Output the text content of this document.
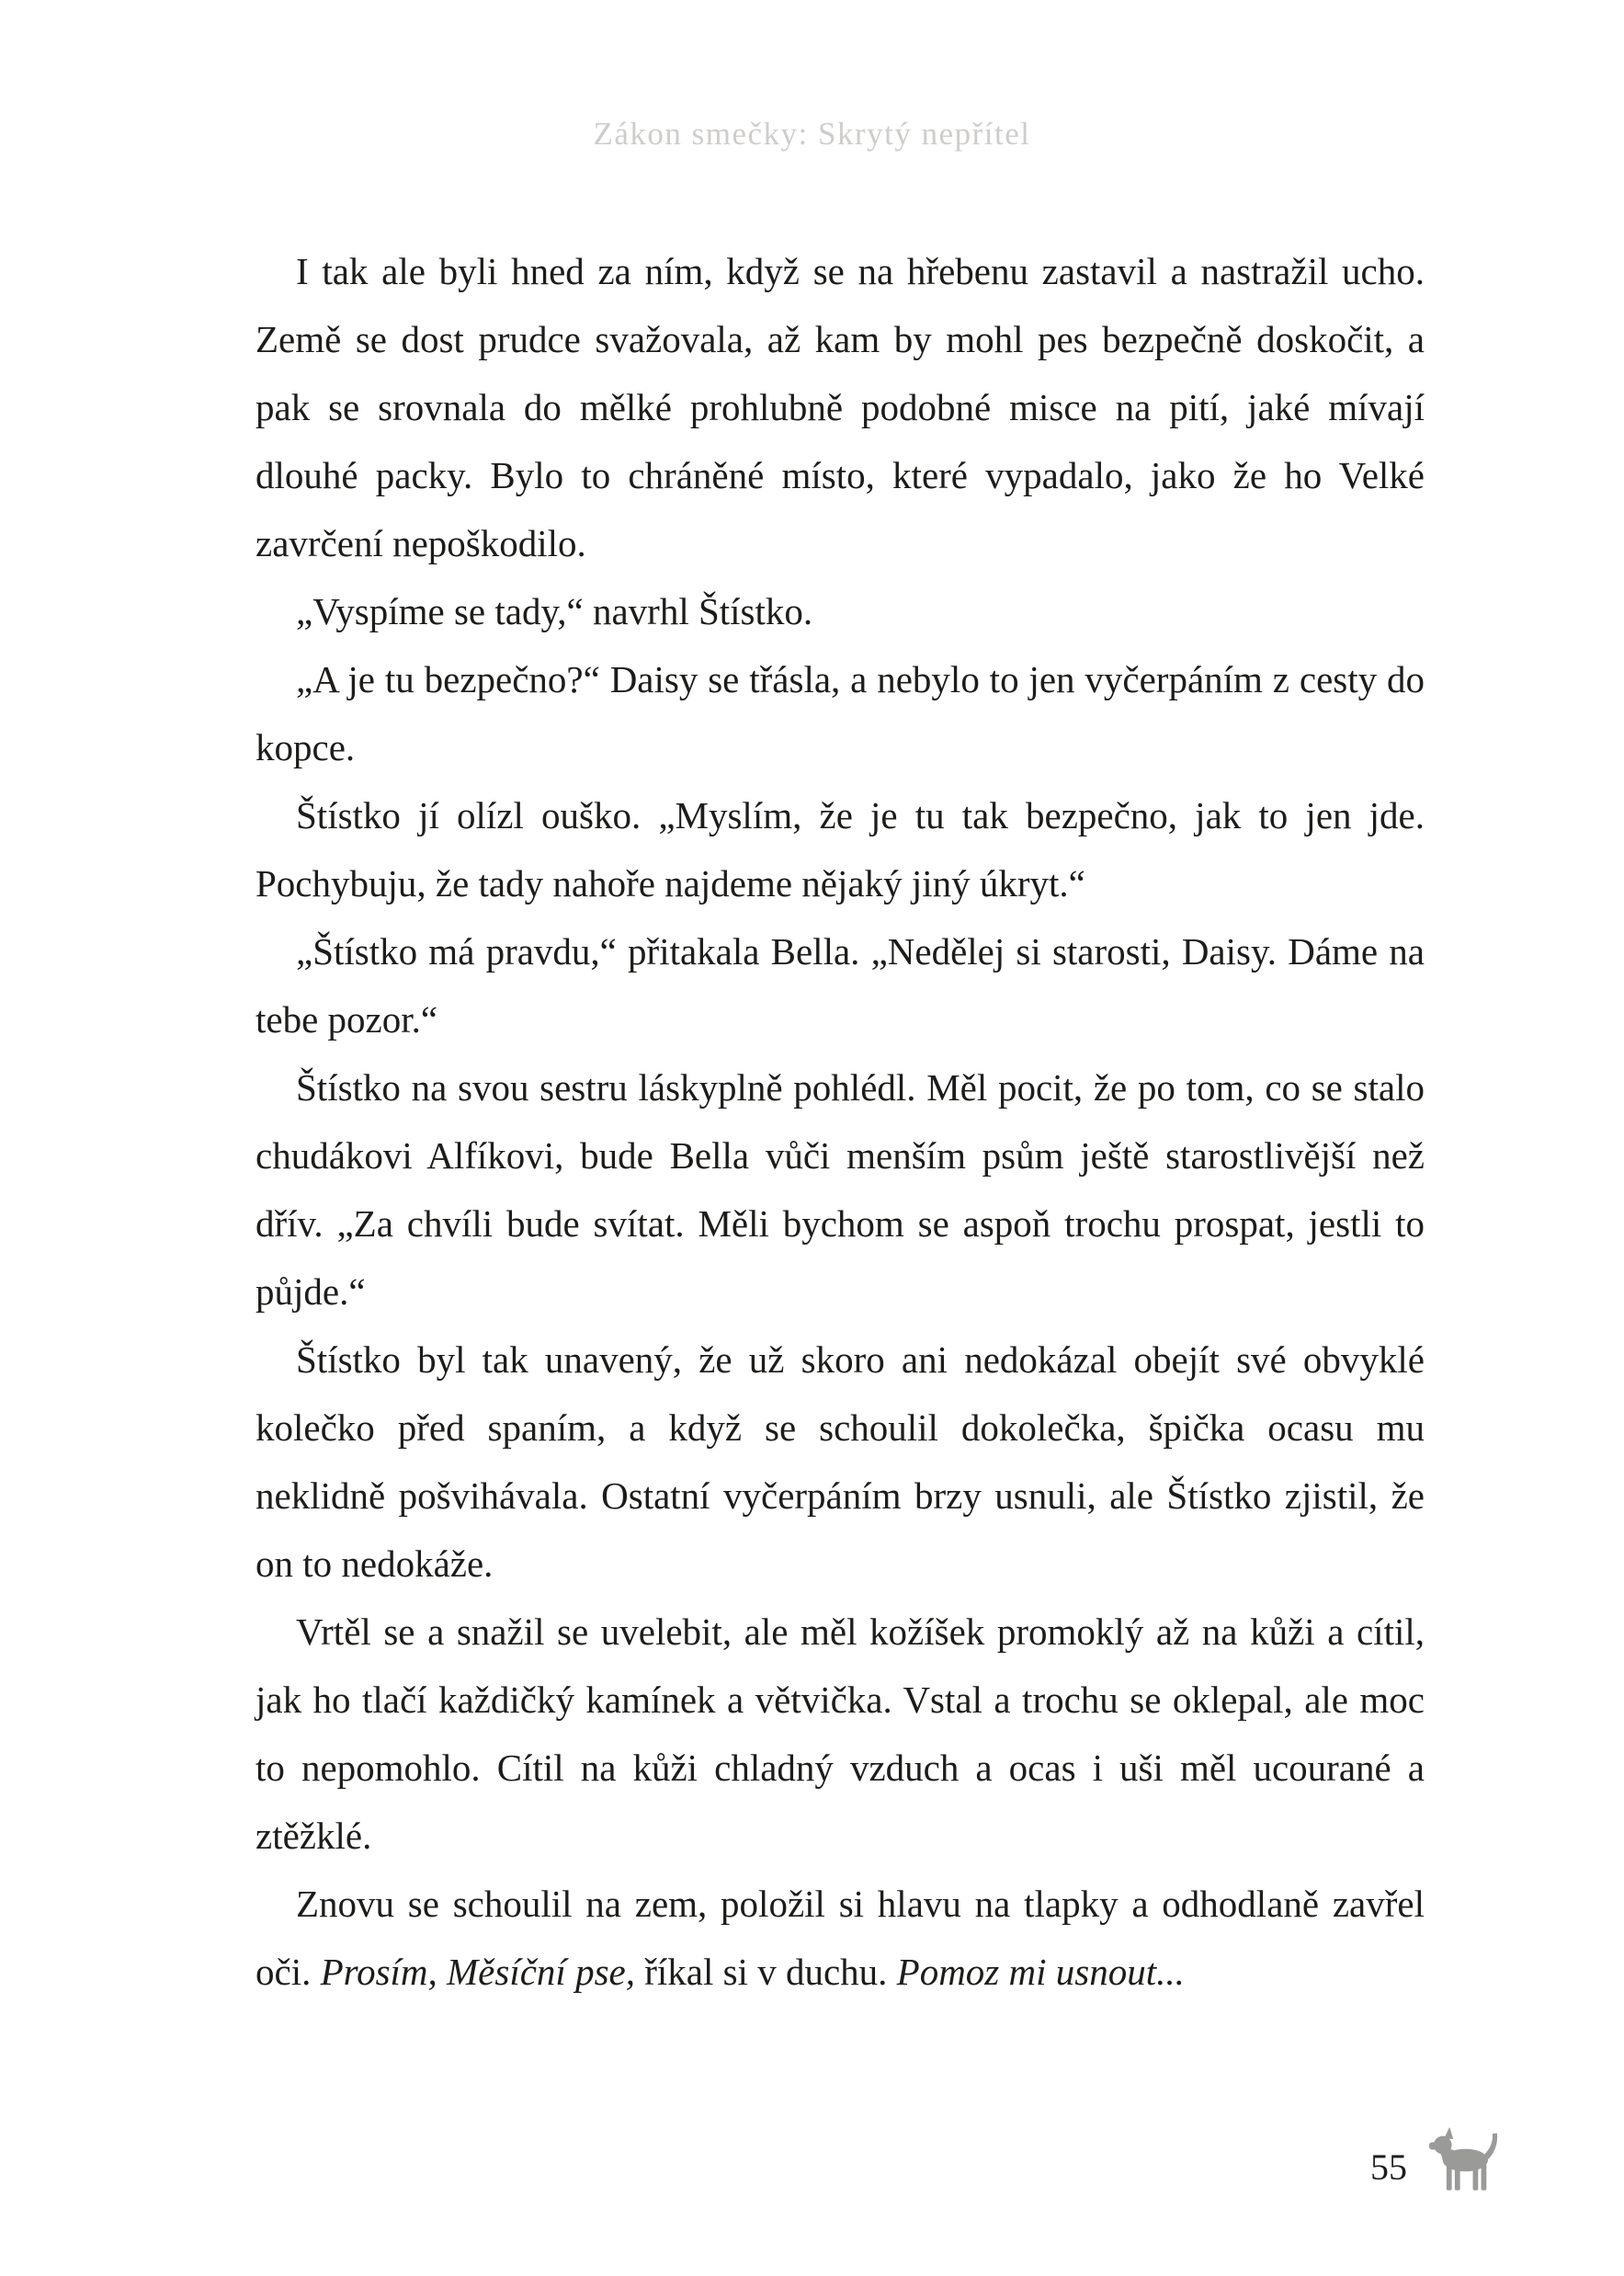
Zákon smečky: Skrytý nepřítel

I tak ale byli hned za ním, když se na hřebenu zastavil a nastražil ucho. Země se dost prudce svažovala, až kam by mohl pes bezpečně doskočit, a pak se srovnala do mělké prohlubně podobné misce na pití, jaké mívají dlouhé packy. Bylo to chráněné místo, které vypadalo, jako že ho Velké zavrčení nepoškodilo.

„Vyspíme se tady,“ navrhl Štístko.

„A je tu bezpečno?“ Daisy se třásla, a nebylo to jen vyčerpáním z cesty do kopce.

Štístko jí olízl ouško. „Myslím, že je tu tak bezpečno, jak to jen jde. Pochybuju, že tady nahoře najdeme nějaký jiný úkryt.“

„Štístko má pravdu,“ přitakala Bella. „Nedělej si starosti, Daisy. Dáme na tebe pozor.“

Štístko na svou sestru láskyplně pohlédl. Měl pocit, že po tom, co se stalo chudákovi Alfíkovi, bude Bella vůči menším psům ještě starostlivější než dřív. „Za chvíli bude svítat. Měli bychom se aspoň trochu prospat, jestli to půjde.“

Štístko byl tak unavený, že už skoro ani nedokázal obejít své obvyklé kolečko před spaním, a když se schoulil dokolečka, špička ocasu mu neklidně pošvihávala. Ostatní vyčerpáním brzy usnuli, ale Štístko zjistil, že on to nedokáže.

Vrtěl se a snažil se uvelebit, ale měl kožíšek promoklý až na kůži a cítil, jak ho tlačí každičký kamínek a větvička. Vstal a trochu se oklepal, ale moc to nepomohlo. Cítil na kůži chladný vzduch a ocas i uši měl ucourané a ztěžklé.

Znovu se schoulil na zem, položil si hlavu na tlapky a odhodlaně zavřel oči. Prosím, Měsíční pse, říkal si v duchu. Pomoz mi usnout...

55
